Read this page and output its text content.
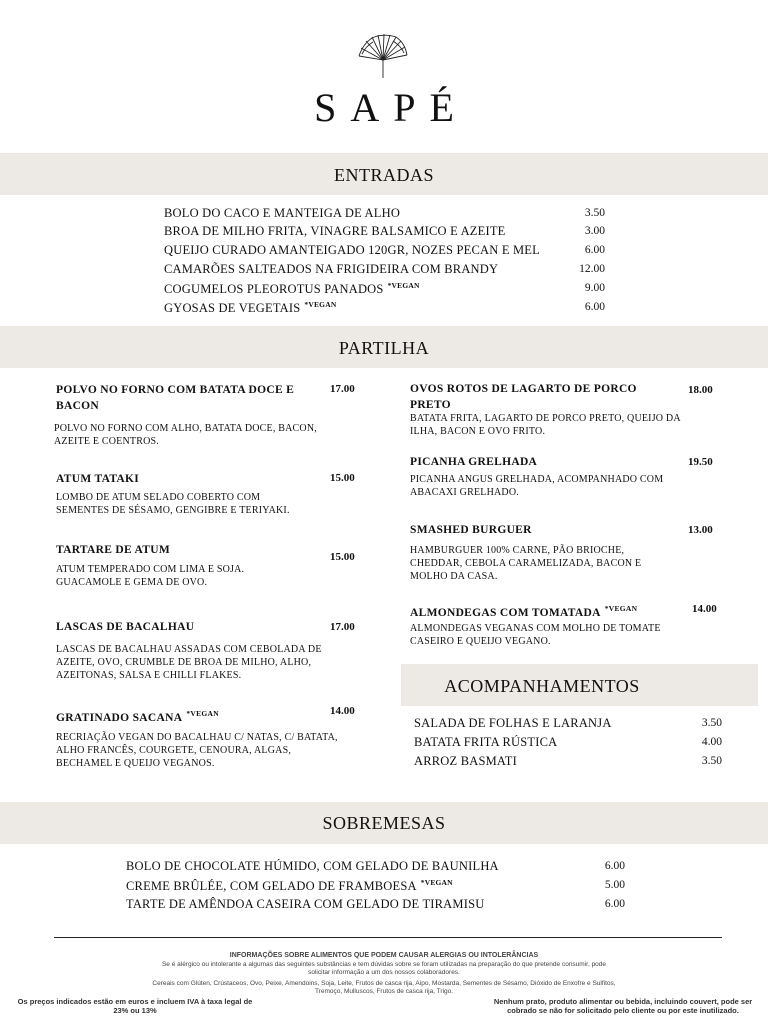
SAPÉ
ENTRADAS
BOLO DO CACO E MANTEIGA DE ALHO	3.50
BROA DE MILHO FRITA, VINAGRE BALSAMICO E AZEITE	3.00
QUEIJO CURADO AMANTEIGADO 120GR, NOZES PECAN E MEL	6.00
CAMARÕES SALTEADOS NA FRIGIDEIRA COM BRANDY	12.00
COGUMELOS PLEOROTUS PANADOS $^{*VEGAN}$	9.00
GYOSAS DE VEGETAIS $^{*VEGAN}$	6.00
PARTILHA
POLVO NO FORNO COM BATATA DOCE E BACON
17.00
POLVO NO FORNO COM ALHO, BATATA DOCE, BACON, AZEITE E COENTROS.
ATUM TATAKI	15.00
LOMBO DE ATUM SELADO COBERTO COM SEMENTES DE SÉSAMO, GENGIBRE E TERIYAKI.
TARTARE DE ATUM
15.00
ATUM TEMPERADO COM LIMA E SOJA. GUACAMOLE E GEMA DE OVO.
LASCAS DE BACALHAU	17.00
LASCAS DE BACALHAU ASSADAS COM CEBOLADA DE AZEITE, OVO, CRUMBLE DE BROA DE MILHO, ALHO, AZEITONAS, SALSA E CHILLI FLAKES.
GRATINADO SACANA $^{*VEGAN}$	14.00
RECRIAÇÃO VEGAN DO BACALHAU C/ NATAS, C/ BATATA, ALHO FRANCÊS, COURGETE, CENOURA, ALGAS, BECHAMEL E QUEIJO VEGANOS.
OVOS ROTOS DE LAGARTO DE PORCO PRETO
18.00
BATATA FRITA, LAGARTO DE PORCO PRETO, QUEIJO DA ILHA, BACON E OVO FRITO.
PICANHA GRELHADA	19.50
PICANHA ANGUS GRELHADA, ACOMPANHADO COM ABACAXI GRELHADO.
SMASHED BURGUER	13.00
HAMBURGUER 100% CARNE, PÃO BRIOCHE, CHEDDAR, CEBOLA CARAMELIZADA, BACON E MOLHO DA CASA.
ALMONDEGAS COM TOMATADA $^{*VEGAN}$	14.00
ALMONDEGAS VEGANAS COM MOLHO DE TOMATE CASEIRO E QUEIJO VEGANO.
ACOMPANHAMENTOS
SALADA DE FOLHAS E LARANJA	3.50
BATATA FRITA RÚSTICA	4.00
ARROZ BASMATI	3.50
SOBREMESAS
BOLO DE CHOCOLATE HÚMIDO, COM GELADO DE BAUNILHA	6.00
CREME BRÛLÉE, COM GELADO DE FRAMBOESA $^{*VEGAN}$	5.00
TARTE DE AMÊNDOA CASEIRA COM GELADO DE TIRAMISU	6.00
INFORMAÇÕES SOBRE ALIMENTOS QUE PODEM CAUSAR ALERGIAS OU INTOLERÂNCIAS
Se é alérgico ou intolerante a algumas das seguintes substâncias e tem dúvidas sobre se foram utilizadas na preparação do que pretende consumir, pode
solicitar informação a um dos nossos colaboradores.
Cereais com Glúten, Crústaceos, Ovo, Peixe, Amendoins, Soja, Leite, Frutos de casca rija, Aipo, Mostarda, Sementes de Sésamo, Dióxido de Enxofre e Sulfitos,
Tremoço, Mulluscos, Frutos de casca rija, Trigo.
Os preços indicados estão em euros e incluem IVA à taxa legal de
23% ou 13%
Nenhum prato, produto alimentar ou bebida, incluindo couvert, pode ser
cobrado se não for solicitado pelo cliente ou por este inutilizado.
